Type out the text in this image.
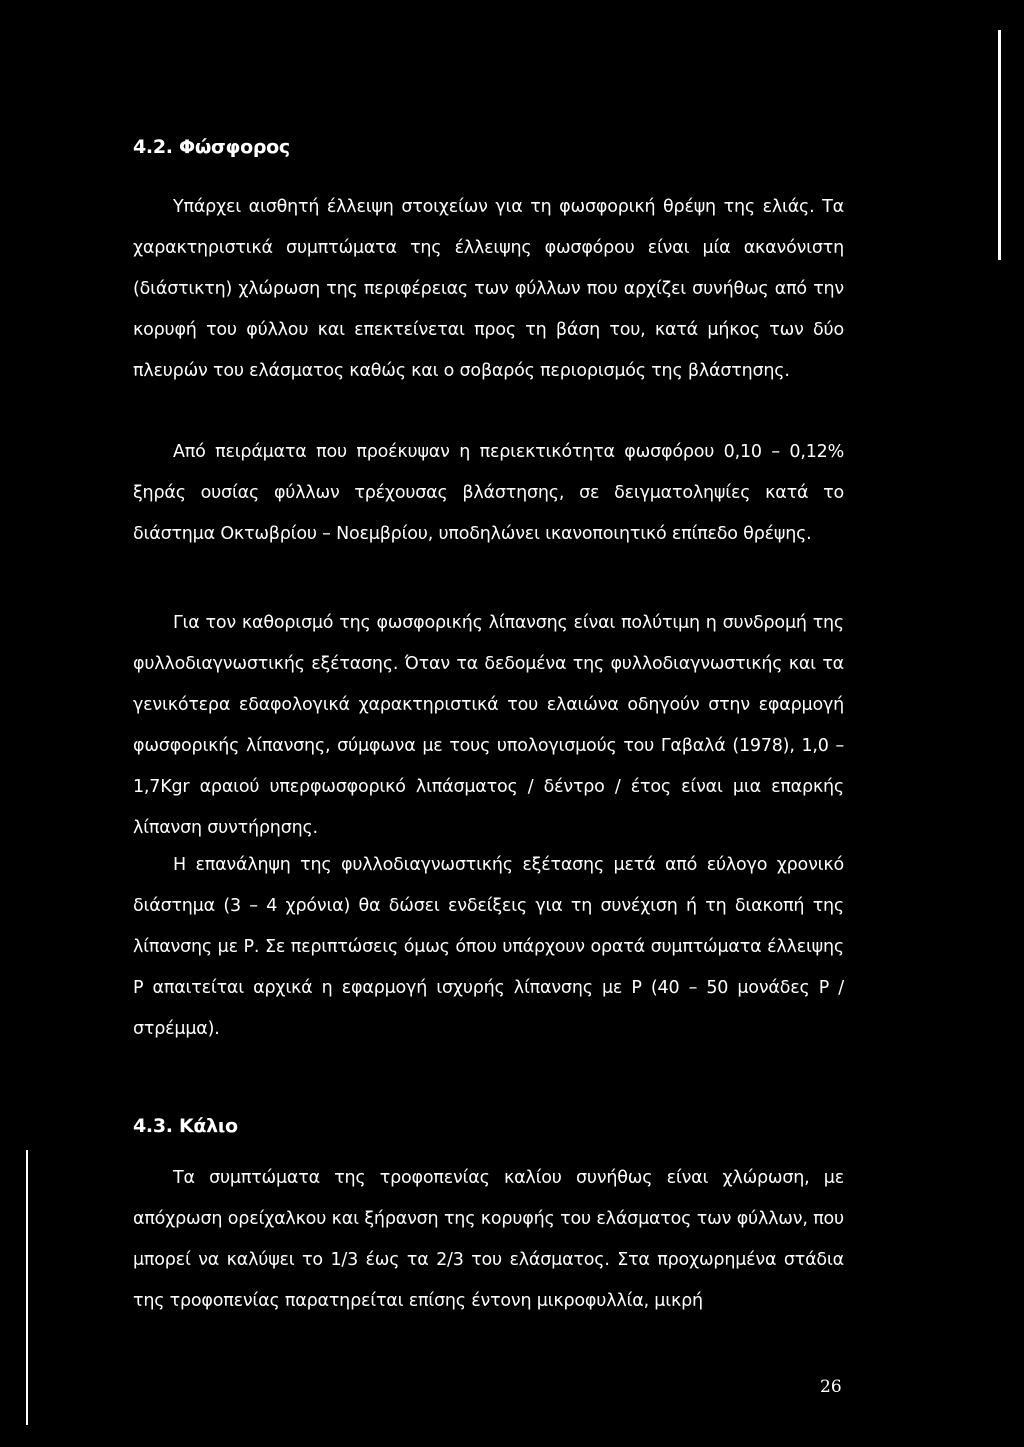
4.2. Φώσφορος

Υπάρχει αισθητή έλλειψη στοιχείων για τη φωσφορική θρέψη της ελιάς. Τα χαρακτηριστικά συμπτώματα της έλλειψης φωσφόρου είναι μία ακανόνιστη (διάστικτη) χλώρωση της περιφέρειας των φύλλων που αρχίζει συνήθως από την κορυφή του φύλλου και επεκτείνεται προς τη βάση του, κατά μήκος των δύο πλευρών του ελάσματος καθώς και ο σοβαρός περιορισμός της βλάστησης.

Από πειράματα που προέκυψαν η περιεκτικότητα φωσφόρου 0,10 – 0,12% ξηράς ουσίας φύλλων τρέχουσας βλάστησης, σε δειγματοληψίες κατά το διάστημα Οκτωβρίου – Νοεμβρίου, υποδηλώνει ικανοποιητικό επίπεδο θρέψης.

Για τον καθορισμό της φωσφορικής λίπανσης είναι πολύτιμη η συνδρομή της φυλλοδιαγνωστικής εξέτασης. Όταν τα δεδομένα της φυλλοδιαγνωστικής και τα γενικότερα εδαφολογικά χαρακτηριστικά του ελαιώνα οδηγούν στην εφαρμογή φωσφορικής λίπανσης, σύμφωνα με τους υπολογισμούς του Γαβαλά (1978), 1,0 – 1,7Kgr αραιού υπερφωσφορικό λιπάσματος / δέντρο / έτος είναι μια επαρκής λίπανση συντήρησης.

Η επανάληψη της φυλλοδιαγνωστικής εξέτασης μετά από εύλογο χρονικό διάστημα (3 – 4 χρόνια) θα δώσει ενδείξεις για τη συνέχιση ή τη διακοπή της λίπανσης με Ρ. Σε περιπτώσεις όμως όπου υπάρχουν ορατά συμπτώματα έλλειψης Ρ απαιτείται αρχικά η εφαρμογή ισχυρής λίπανσης με Ρ (40 – 50 μονάδες Ρ / στρέμμα).

4.3. Κάλιο

Τα συμπτώματα της τροφοπενίας καλίου συνήθως είναι χλώρωση, με απόχρωση ορείχαλκου και ξήρανση της κορυφής του ελάσματος των φύλλων, που μπορεί να καλύψει το 1/3 έως τα 2/3 του ελάσματος. Στα προχωρημένα στάδια της τροφοπενίας παρατηρείται επίσης έντονη μικροφυλλία, μικρή

26
